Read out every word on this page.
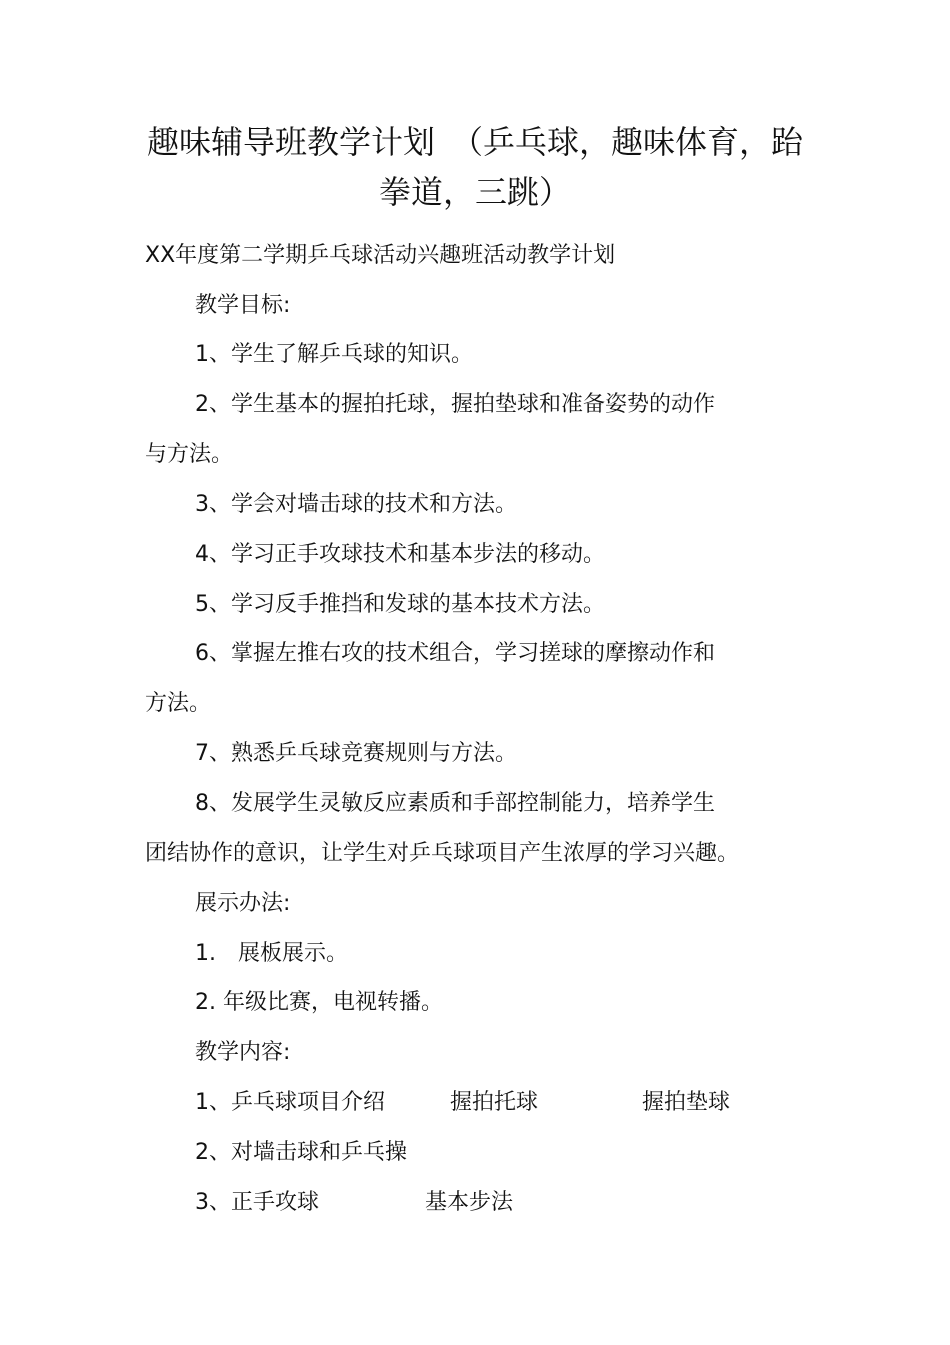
趣味辅导班教学计划　（乒乓球，趣味体育，跆
拳道，三跳）

XX年度第二学期乒乓球活动兴趣班活动教学计划

教学目标:

1、学生了解乒乓球的知识。

2、学生基本的握拍托球，握拍垫球和准备姿势的动作

与方法。

3、学会对墙击球的技术和方法。

4、学习正手攻球技术和基本步法的移动。

5、学习反手推挡和发球的基本技术方法。

6、掌握左推右攻的技术组合，学习搓球的摩擦动作和

方法。

7、熟悉乒乓球竞赛规则与方法。

8、发展学生灵敏反应素质和手部控制能力，培养学生

团结协作的意识，让学生对乒乓球项目产生浓厚的学习兴趣。

展示办法:

1.　展板展示。

2. 年级比赛，电视转播。

教学内容:

1、乒乓球项目介绍	握拍托球	握拍垫球
2、对墙击球和乒乓操
3、正手攻球	基本步法
